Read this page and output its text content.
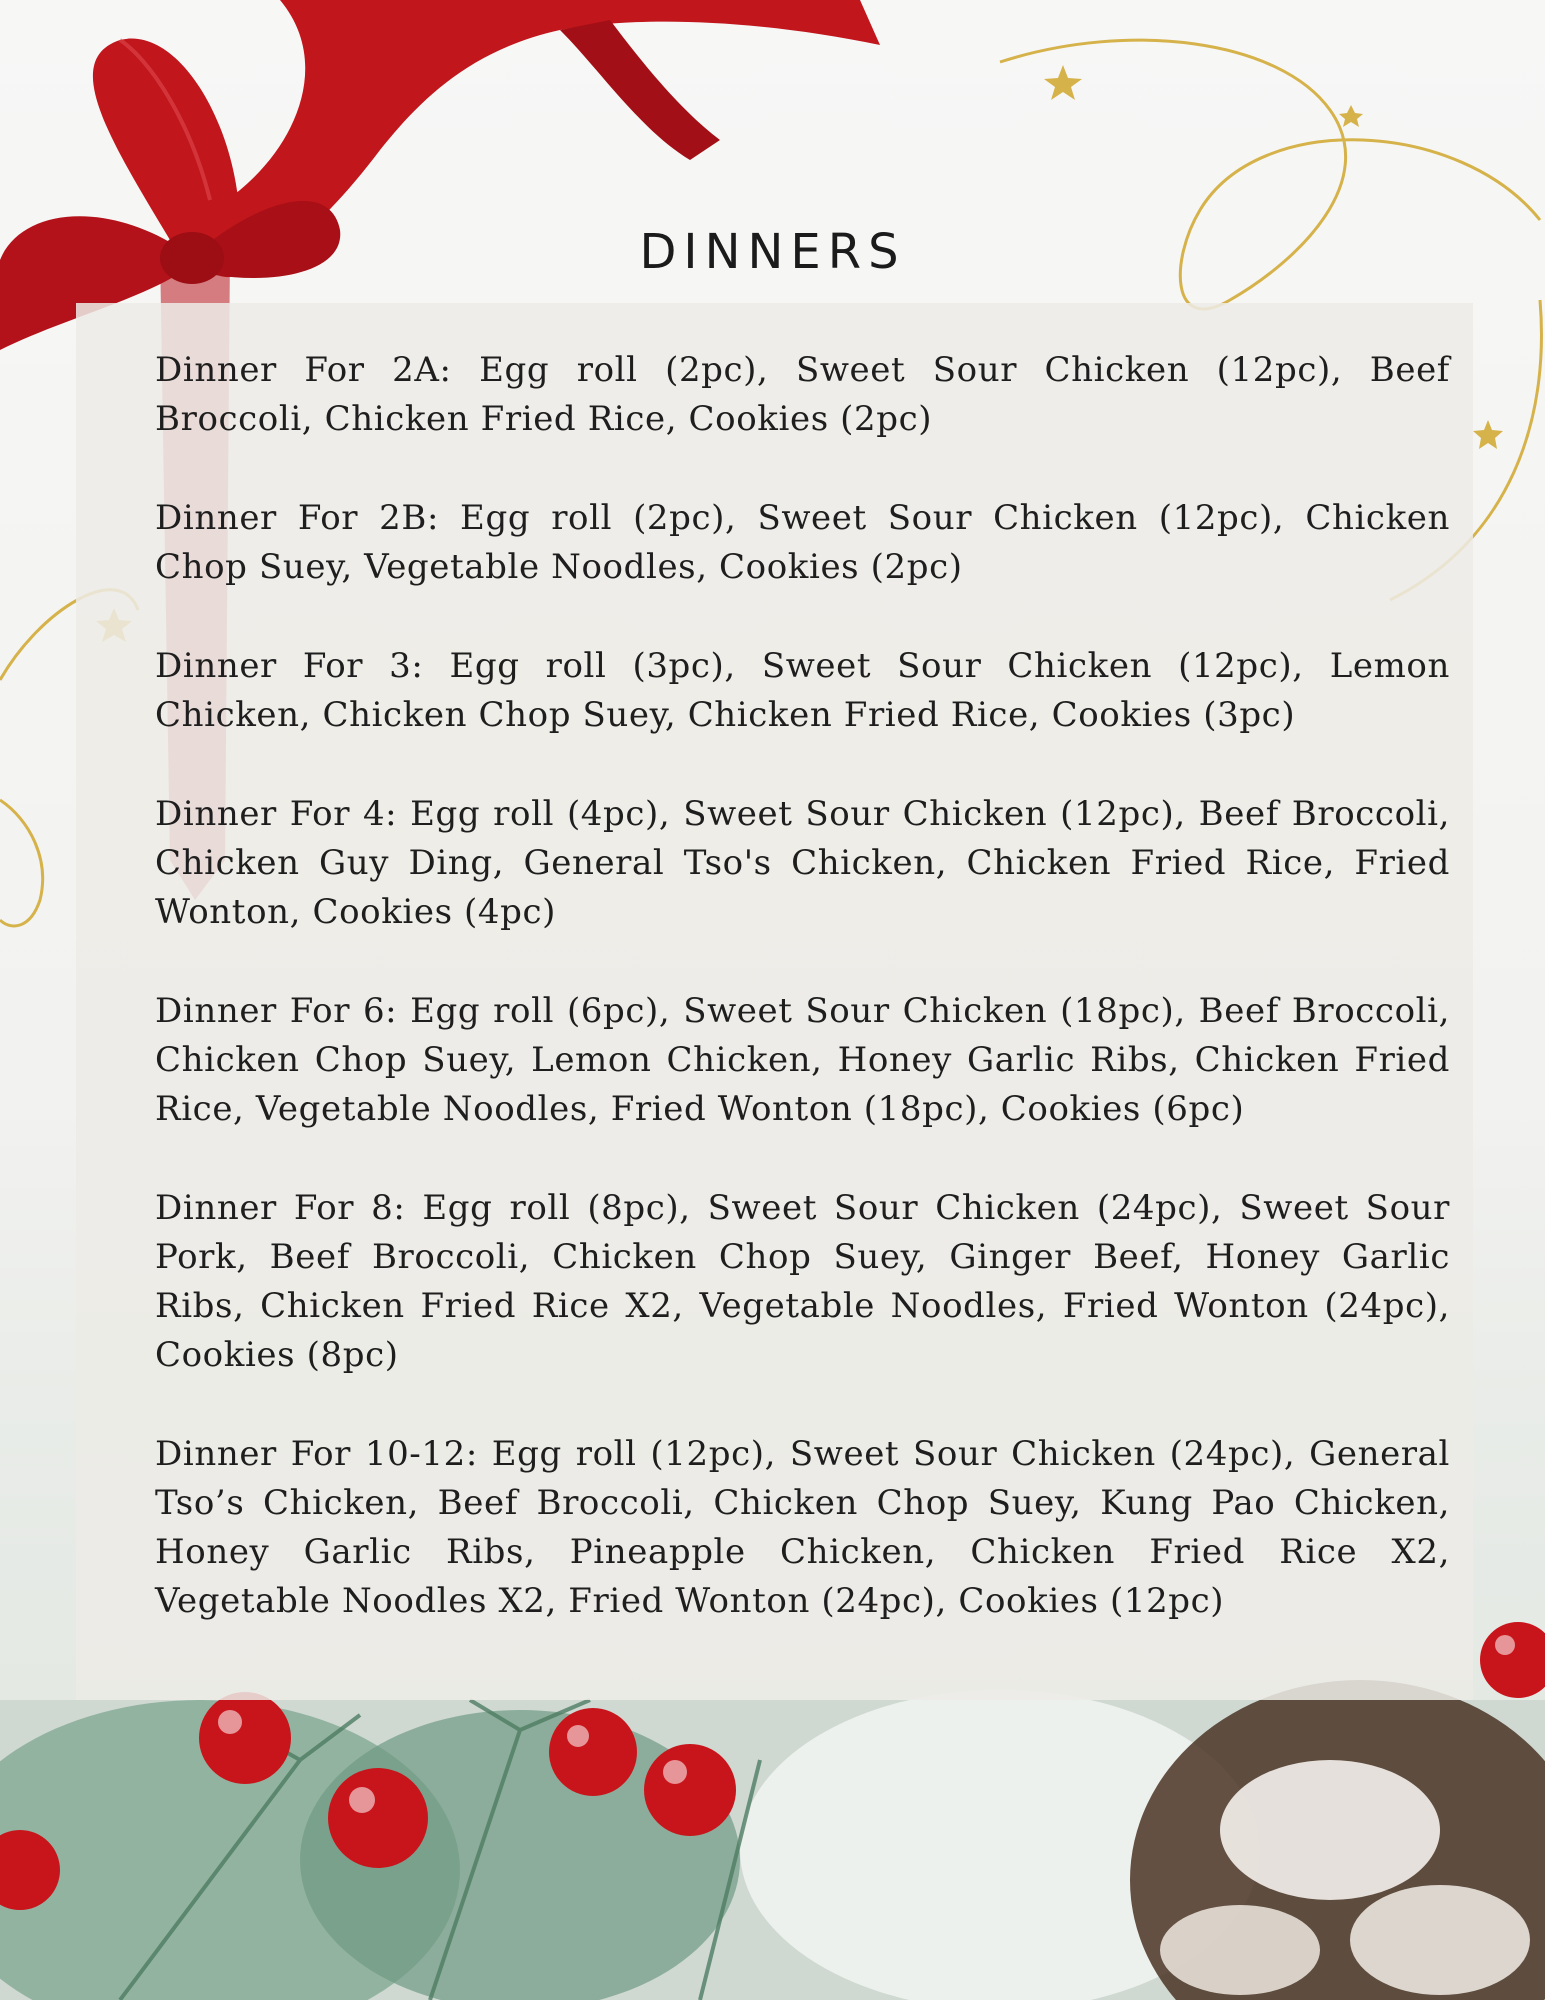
DINNERS

Dinner For 2A: Egg roll (2pc), Sweet Sour Chicken (12pc), Beef Broccoli, Chicken Fried Rice, Cookies (2pc)

Dinner For 2B: Egg roll (2pc), Sweet Sour Chicken (12pc), Chicken Chop Suey, Vegetable Noodles, Cookies (2pc)

Dinner For 3: Egg roll (3pc), Sweet Sour Chicken (12pc), Lemon Chicken, Chicken Chop Suey, Chicken Fried Rice, Cookies (3pc)

Dinner For 4: Egg roll (4pc), Sweet Sour Chicken (12pc), Beef Broccoli, Chicken Guy Ding, General Tso's Chicken, Chicken Fried Rice, Fried Wonton, Cookies (4pc)

Dinner For 6: Egg roll (6pc), Sweet Sour Chicken (18pc), Beef Broccoli, Chicken Chop Suey, Lemon Chicken, Honey Garlic Ribs, Chicken Fried Rice, Vegetable Noodles, Fried Wonton (18pc), Cookies (6pc)

Dinner For 8: Egg roll (8pc), Sweet Sour Chicken (24pc), Sweet Sour Pork, Beef Broccoli, Chicken Chop Suey, Ginger Beef, Honey Garlic Ribs, Chicken Fried Rice X2, Vegetable Noodles, Fried Wonton (24pc), Cookies (8pc)

Dinner For 10-12: Egg roll (12pc), Sweet Sour Chicken (24pc), General Tso’s Chicken, Beef Broccoli, Chicken Chop Suey, Kung Pao Chicken, Honey Garlic Ribs, Pineapple Chicken, Chicken Fried Rice X2, Vegetable Noodles X2, Fried Wonton (24pc), Cookies (12pc)
